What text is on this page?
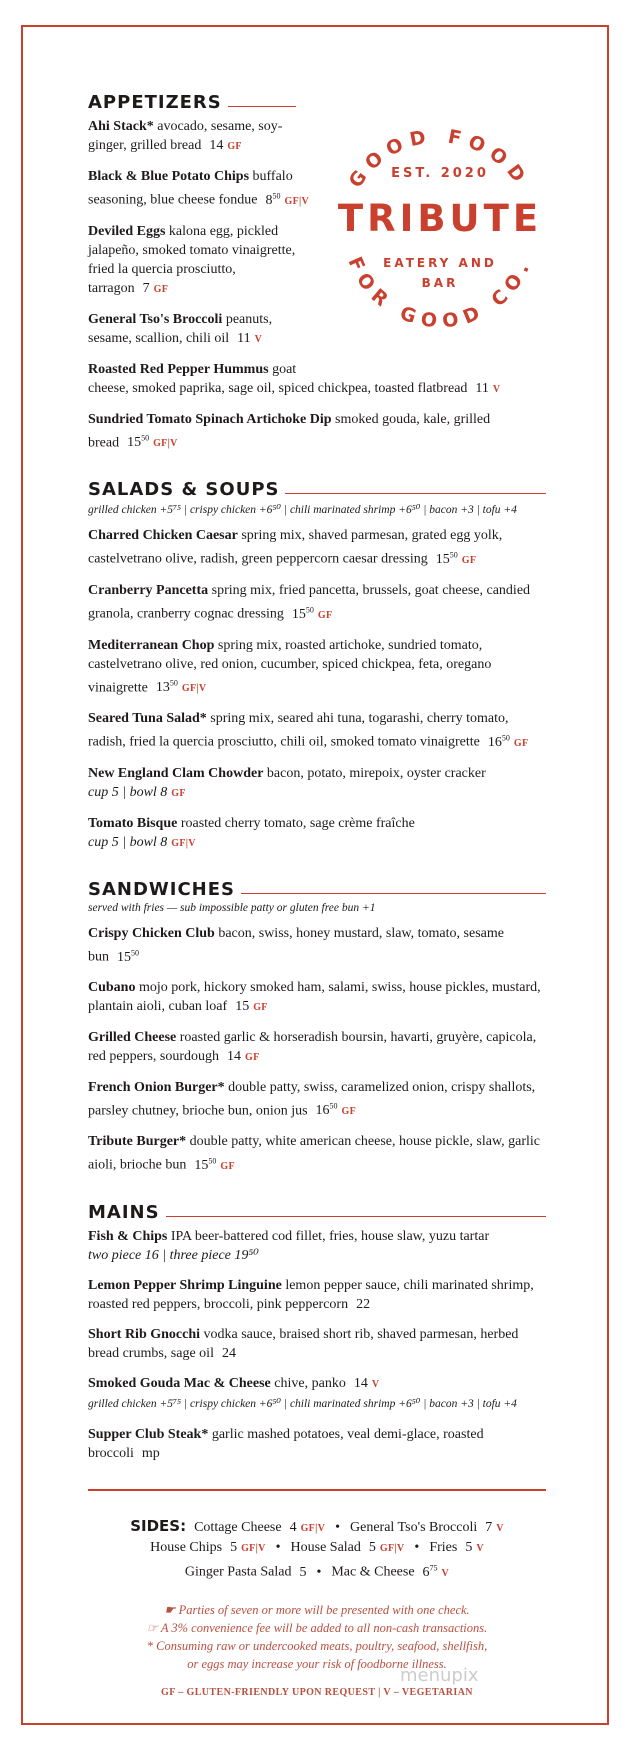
APPETIZERS
GOOD FOOD
EST. 2020
TRIBUTE
EATERY AND
BAR
FOR GOOD CO.
Ahi Stack* avocado, sesame, soy-ginger, grilled bread 14 GF
Black & Blue Potato Chips buffalo seasoning, blue cheese fondue $8^{50}GF|V$
Deviled Eggs kalona egg, pickled jalapeño, smoked tomato vinaigrette, fried la quercia prosciutto, tarragon 7 GF
General Tso's Broccoli peanuts, sesame, scallion, chili oil 11 V
Roasted Red Pepper Hummus goat cheese, smoked paprika, sage oil, spiced chickpea, toasted flatbread 11 V
Sundried Tomato Spinach Artichoke Dip smoked gouda, kale, grilled bread $15^{50}GF|V$
SALADS & SOUPS
grilled chicken +5⁷⁵ | crispy chicken +6⁵⁰ | chili marinated shrimp +6⁵⁰ | bacon +3 | tofu +4
Charred Chicken Caesar spring mix, shaved parmesan, grated egg yolk, castelvetrano olive, radish, green peppercorn caesar dressing $15^{50}GF$
Cranberry Pancetta spring mix, fried pancetta, brussels, goat cheese, candied granola, cranberry cognac dressing $15^{50}GF$
Mediterranean Chop spring mix, roasted artichoke, sundried tomato, castelvetrano olive, red onion, cucumber, spiced chickpea, feta, oregano vinaigrette $13^{50}GF|V$
Seared Tuna Salad* spring mix, seared ahi tuna, togarashi, cherry tomato, radish, fried la quercia prosciutto, chili oil, smoked tomato vinaigrette $16^{50}GF$
New England Clam Chowder bacon, potato, mirepoix, oyster cracker
cup 5 | bowl 8 GF
Tomato Bisque roasted cherry tomato, sage crème fraîche
cup 5 | bowl 8 GF|V
SANDWICHES
served with fries — sub impossible patty or gluten free bun +1
Crispy Chicken Club bacon, swiss, honey mustard, slaw, tomato, sesame bun $15^{50}$
Cubano mojo pork, hickory smoked ham, salami, swiss, house pickles, mustard, plantain aioli, cuban loaf 15 GF
Grilled Cheese roasted garlic & horseradish boursin, havarti, gruyère, capicola, red peppers, sourdough 14 GF
French Onion Burger* double patty, swiss, caramelized onion, crispy shallots, parsley chutney, brioche bun, onion jus $16^{50}GF$
Tribute Burger* double patty, white american cheese, house pickle, slaw, garlic aioli, brioche bun $15^{50}GF$
MAINS
Fish & Chips IPA beer-battered cod fillet, fries, house slaw, yuzu tartar
two piece 16 | three piece 19⁵⁰
Lemon Pepper Shrimp Linguine lemon pepper sauce, chili marinated shrimp, roasted red peppers, broccoli, pink peppercorn 22
Short Rib Gnocchi vodka sauce, braised short rib, shaved parmesan, herbed bread crumbs, sage oil 24
Smoked Gouda Mac & Cheese chive, panko 14 V
grilled chicken +5⁷⁵ | crispy chicken +6⁵⁰ | chili marinated shrimp +6⁵⁰ | bacon +3 | tofu +4
Supper Club Steak* garlic mashed potatoes, veal demi-glace, roasted broccoli mp
SIDES: Cottage Cheese 4 GF|V • General Tso's Broccoli 7 V
House Chips 5 GF|V • House Salad 5 GF|V • Fries 5 V
Ginger Pasta Salad 5 • Mac & Cheese $6^{75}V$
☛ Parties of seven or more will be presented with one check.
☞ A 3% convenience fee will be added to all non-cash transactions.
* Consuming raw or undercooked meats, poultry, seafood, shellfish,
or eggs may increase your risk of foodborne illness.
GF – GLUTEN-FRIENDLY UPON REQUEST | V – VEGETARIAN
menupix
